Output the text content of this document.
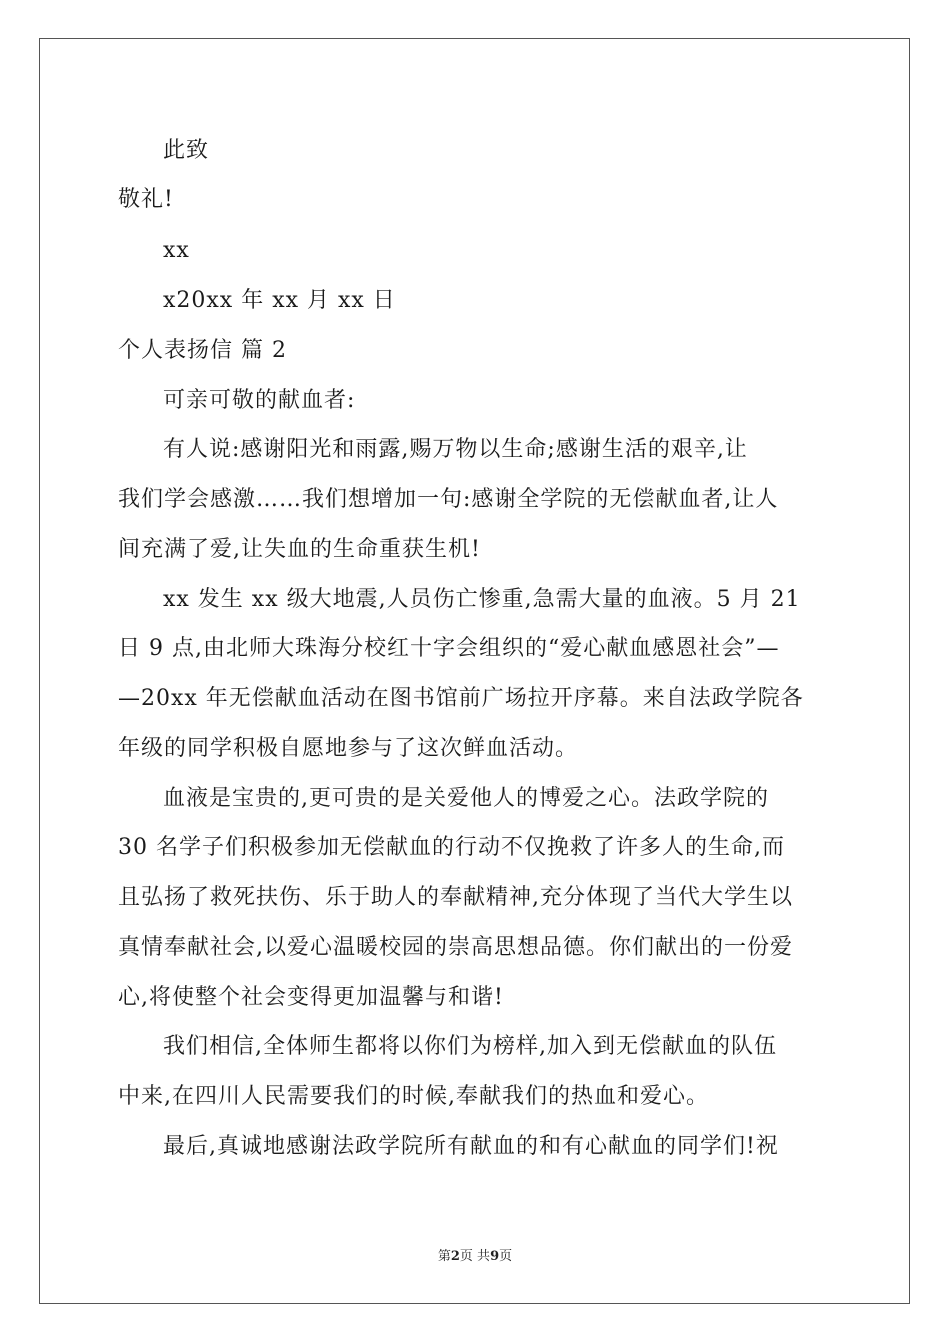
此致
敬礼!
xx
x20xx 年 xx 月 xx 日
个人表扬信 篇 2
可亲可敬的献血者:
有人说:感谢阳光和雨露,赐万物以生命;感谢生活的艰辛,让
我们学会感激……我们想增加一句:感谢全学院的无偿献血者,让人
间充满了爱,让失血的生命重获生机!
xx 发生 xx 级大地震,人员伤亡惨重,急需大量的血液。5 月 21
日 9 点,由北师大珠海分校红十字会组织的“爱心献血感恩社会”—
—20xx 年无偿献血活动在图书馆前广场拉开序幕。来自法政学院各
年级的同学积极自愿地参与了这次鲜血活动。
血液是宝贵的,更可贵的是关爱他人的博爱之心。法政学院的
30 名学子们积极参加无偿献血的行动不仅挽救了许多人的生命,而
且弘扬了救死扶伤、乐于助人的奉献精神,充分体现了当代大学生以
真情奉献社会,以爱心温暖校园的崇高思想品德。你们献出的一份爱
心,将使整个社会变得更加温馨与和谐!
我们相信,全体师生都将以你们为榜样,加入到无偿献血的队伍
中来,在四川人民需要我们的时候,奉献我们的热血和爱心。
最后,真诚地感谢法政学院所有献血的和有心献血的同学们!祝
第2页 共9页
